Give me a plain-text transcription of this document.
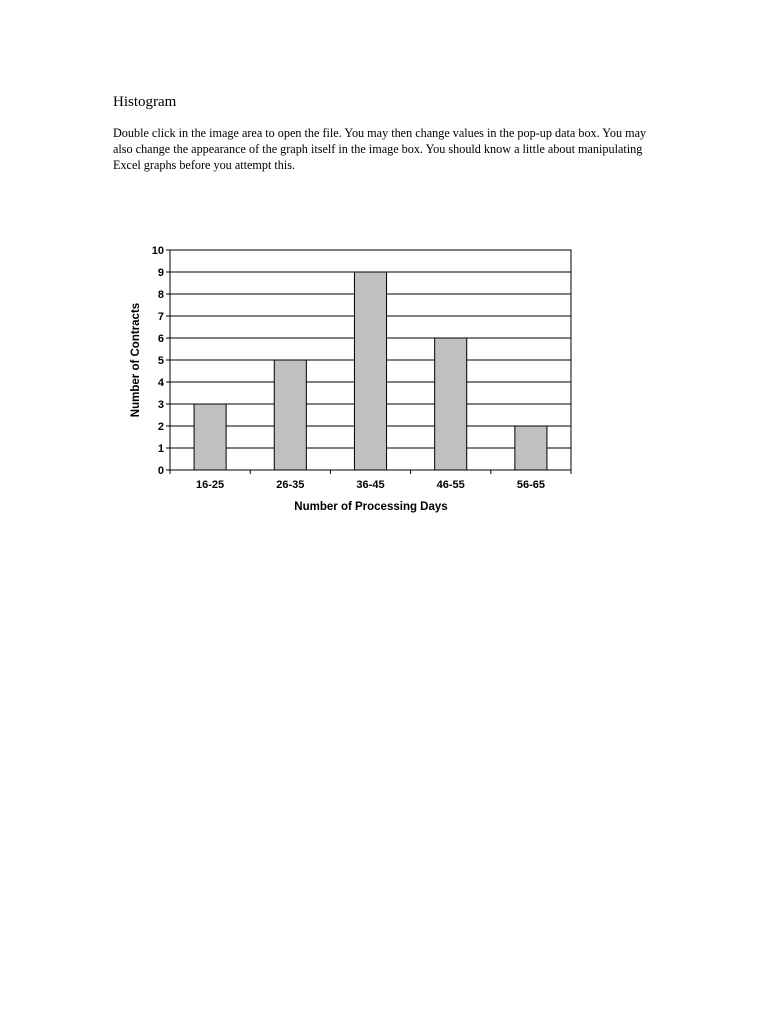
Histogram

Double click in the image area to open the file. You may then change values in the pop-up data box. You may also change the appearance of the graph itself in the image box. You should know a little about manipulating Excel graphs before you attempt this.

0
1
2
3
4
5
6
7
8
9
10
16-25	26-35	36-45	46-55	56-65
Number of Processing Days
Number of Contracts
